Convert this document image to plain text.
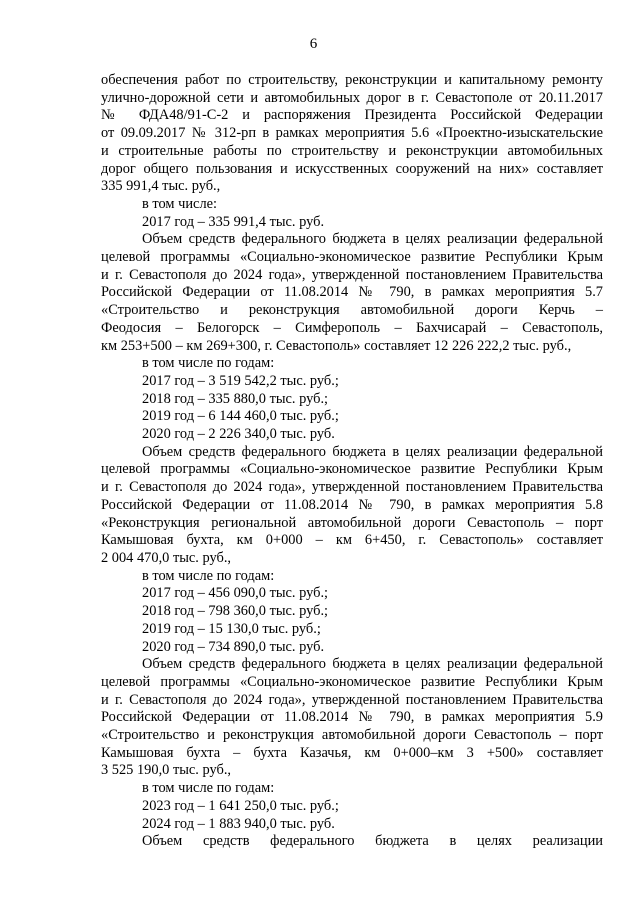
6
обеспечения работ по строительству, реконструкции и капитальному ремонту
улично-дорожной сети и автомобильных дорог в г. Севастополе от 20.11.2017
№ ФДА48/91-С-2 и распоряжения Президента Российской Федерации
от 09.09.2017 № 312-рп в рамках мероприятия 5.6 «Проектно-изыскательские
и строительные работы по строительству и реконструкции автомобильных
дорог общего пользования и искусственных сооружений на них» составляет
335 991,4 тыс. руб.,
в том числе:
2017 год – 335 991,4 тыс. руб.
Объем средств федерального бюджета в целях реализации федеральной
целевой программы «Социально-экономическое развитие Республики Крым
и г. Севастополя до 2024 года», утвержденной постановлением Правительства
Российской Федерации от 11.08.2014 № 790, в рамках мероприятия 5.7
«Строительство и реконструкция автомобильной дороги Керчь –
Феодосия – Белогорск – Симферополь – Бахчисарай – Севастополь,
км 253+500 – км 269+300, г. Севастополь» составляет 12 226 222,2 тыс. руб.,
в том числе по годам:
2017 год – 3 519 542,2 тыс. руб.;
2018 год – 335 880,0 тыс. руб.;
2019 год – 6 144 460,0 тыс. руб.;
2020 год – 2 226 340,0 тыс. руб.
Объем средств федерального бюджета в целях реализации федеральной
целевой программы «Социально-экономическое развитие Республики Крым
и г. Севастополя до 2024 года», утвержденной постановлением Правительства
Российской Федерации от 11.08.2014 № 790, в рамках мероприятия 5.8
«Реконструкция региональной автомобильной дороги Севастополь – порт
Камышовая бухта, км 0+000 – км 6+450, г. Севастополь» составляет
2 004 470,0 тыс. руб.,
в том числе по годам:
2017 год – 456 090,0 тыс. руб.;
2018 год – 798 360,0 тыс. руб.;
2019 год – 15 130,0 тыс. руб.;
2020 год – 734 890,0 тыс. руб.
Объем средств федерального бюджета в целях реализации федеральной
целевой программы «Социально-экономическое развитие Республики Крым
и г. Севастополя до 2024 года», утвержденной постановлением Правительства
Российской Федерации от 11.08.2014 № 790, в рамках мероприятия 5.9
«Строительство и реконструкция автомобильной дороги Севастополь – порт
Камышовая бухта – бухта Казачья, км 0+000–км 3 +500» составляет
3 525 190,0 тыс. руб.,
в том числе по годам:
2023 год – 1 641 250,0 тыс. руб.;
2024 год – 1 883 940,0 тыс. руб.
Объем средств федерального бюджета в целях реализации
